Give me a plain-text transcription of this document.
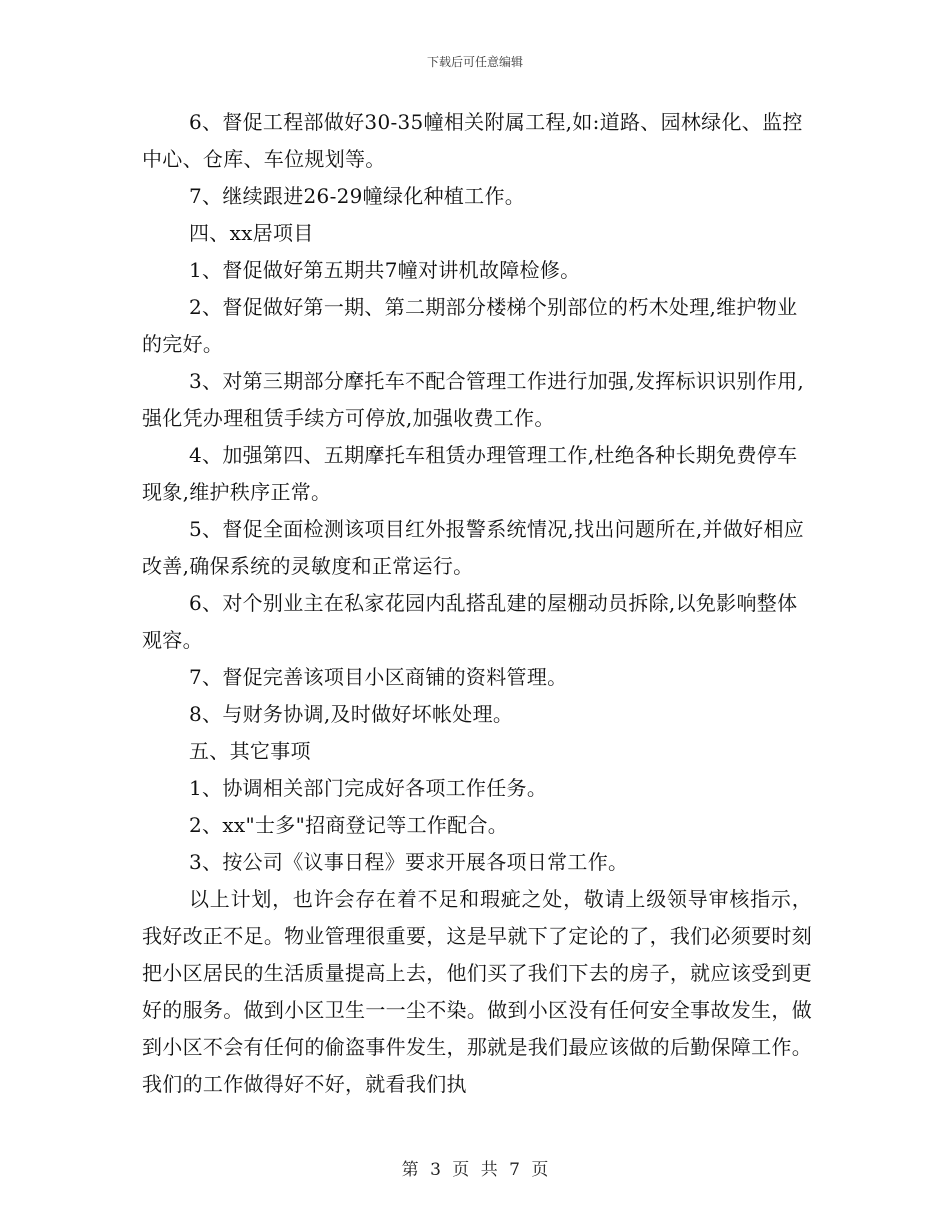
下载后可任意编辑

6、督促工程部做好30-35幢相关附属工程,如:道路、园林绿化、监控中心、仓库、车位规划等。

7、继续跟进26-29幢绿化种植工作。

四、xx居项目

1、督促做好第五期共7幢对讲机故障检修。

2、督促做好第一期、第二期部分楼梯个别部位的朽木处理,维护物业的完好。

3、对第三期部分摩托车不配合管理工作进行加强,发挥标识识别作用,强化凭办理租赁手续方可停放,加强收费工作。

4、加强第四、五期摩托车租赁办理管理工作,杜绝各种长期免费停车现象,维护秩序正常。

5、督促全面检测该项目红外报警系统情况,找出问题所在,并做好相应改善,确保系统的灵敏度和正常运行。

6、对个别业主在私家花园内乱搭乱建的屋棚动员拆除,以免影响整体观容。

7、督促完善该项目小区商铺的资料管理。

8、与财务协调,及时做好坏帐处理。

五、其它事项

1、协调相关部门完成好各项工作任务。

2、xx"士多"招商登记等工作配合。

3、按公司《议事日程》要求开展各项日常工作。

以上计划，也许会存在着不足和瑕疵之处，敬请上级领导审核指示，我好改正不足。物业管理很重要，这是早就下了定论的了，我们必须要时刻把小区居民的生活质量提高上去，他们买了我们下去的房子，就应该受到更好的服务。做到小区卫生一一尘不染。做到小区没有任何安全事故发生，做到小区不会有任何的偷盗事件发生，那就是我们最应该做的后勤保障工作。我们的工作做得好不好，就看我们执

第 3 页 共 7 页
